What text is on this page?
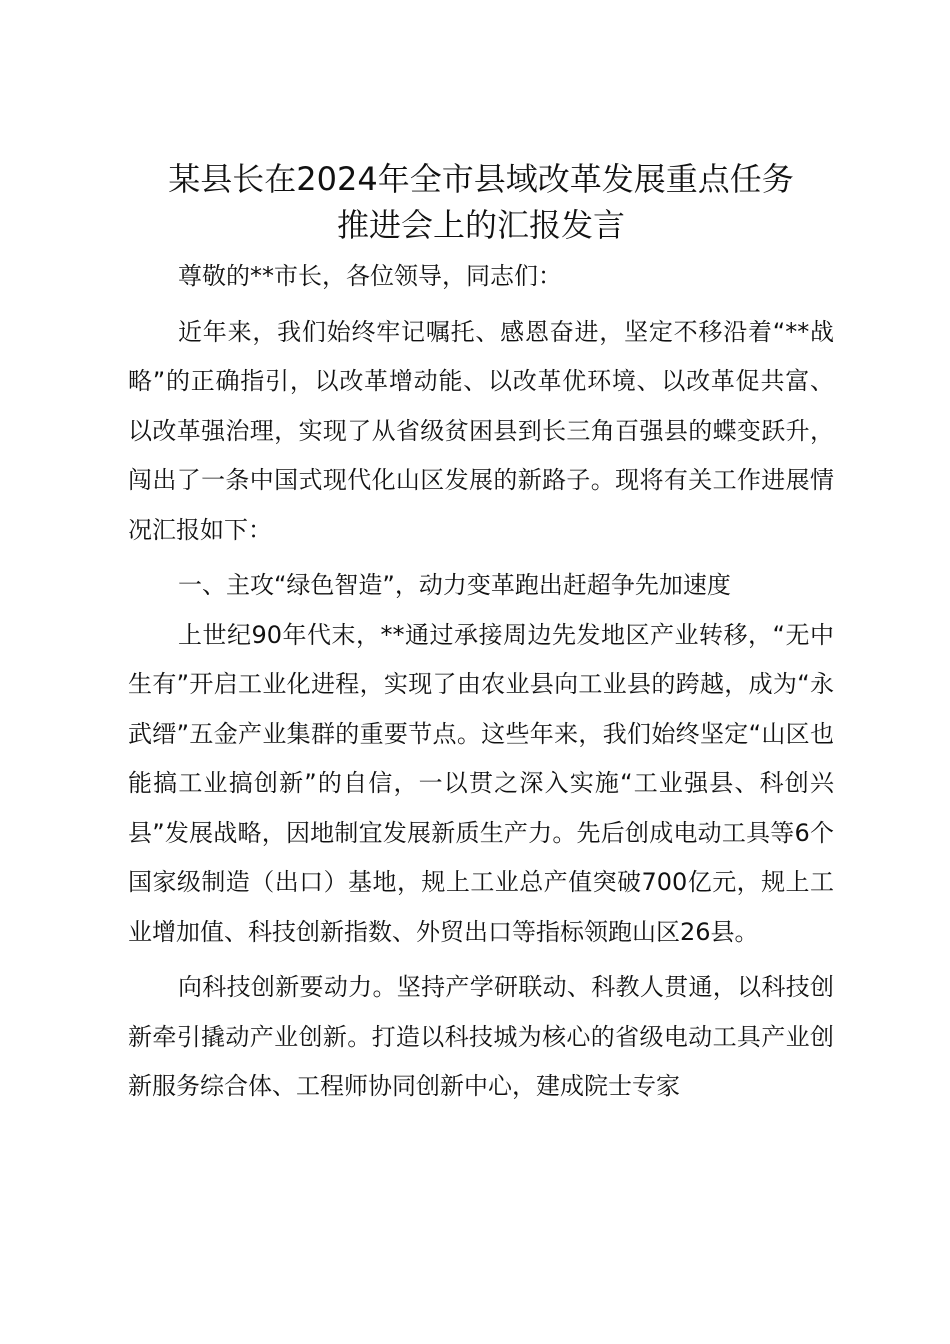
某县长在2024年全市县域改革发展重点任务
推进会上的汇报发言

尊敬的**市长，各位领导，同志们：

近年来，我们始终牢记嘱托、感恩奋进，坚定不移沿着“**战略”的正确指引，以改革增动能、以改革优环境、以改革促共富、以改革强治理，实现了从省级贫困县到长三角百强县的蝶变跃升，闯出了一条中国式现代化山区发展的新路子。现将有关工作进展情况汇报如下：

一、主攻“绿色智造”，动力变革跑出赶超争先加速度

上世纪90年代末，**通过承接周边先发地区产业转移，“无中生有”开启工业化进程，实现了由农业县向工业县的跨越，成为“永武缙”五金产业集群的重要节点。这些年来，我们始终坚定“山区也能搞工业搞创新”的自信，一以贯之深入实施“工业强县、科创兴县”发展战略，因地制宜发展新质生产力。先后创成电动工具等6个国家级制造（出口）基地，规上工业总产值突破700亿元，规上工业增加值、科技创新指数、外贸出口等指标领跑山区26县。

向科技创新要动力。坚持产学研联动、科教人贯通，以科技创新牵引撬动产业创新。打造以科技城为核心的省级电动工具产业创新服务综合体、工程师协同创新中心，建成院士专家
